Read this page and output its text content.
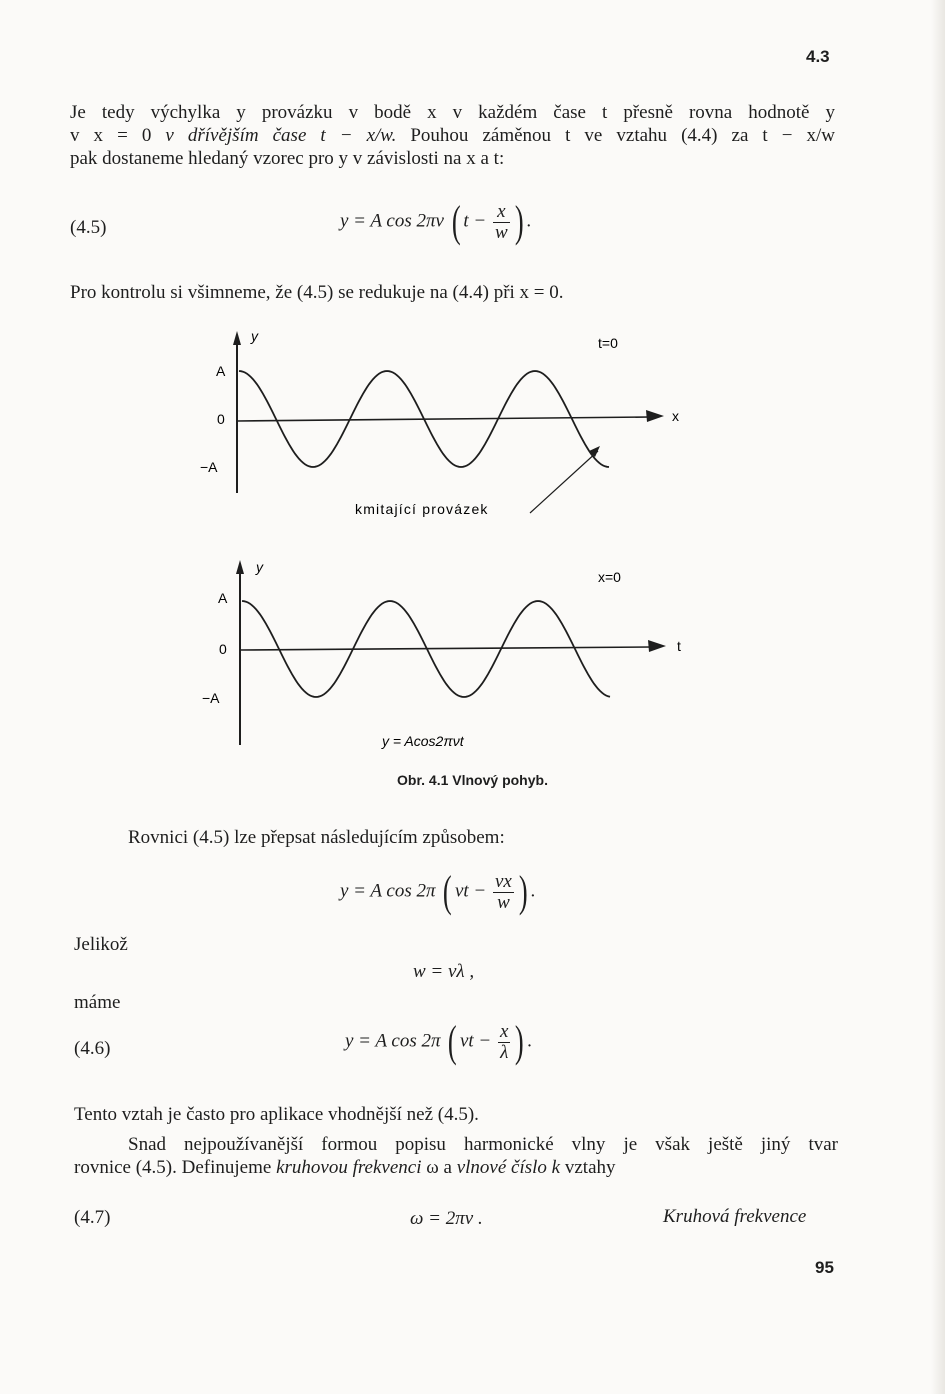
4.3
Je tedy výchylka y provázku v bodě x v každém čase t přesně rovna hodnotě y
v x = 0 v dřívějším čase t − x/w. Pouhou záměnou t ve vztahu (4.4) za t − x/w
pak dostaneme hledaný vzorec pro y v závislosti na x a t:
(4.5)	y = A cos 2πν ( $t - \frac{x}{w}$ ) .
Pro kontrolu si všimneme, že (4.5) se redukuje na (4.4) při x = 0.
y
x
t=0
A
0
−A
kmitající provázek
y
t
x=0
A
0
−A
y = Acos2πνt
Obr. 4.1 Vlnový pohyb.
Rovnici (4.5) lze přepsat následujícím způsobem:
y = A cos 2π ( $\nu t - \frac{\nu x}{w}$ ) .
Jelikož
w = νλ ,
máme
(4.6)	y = A cos 2π ( $\nu t - \frac{x}{\lambda}$ ) .
Tento vztah je často pro aplikace vhodnější než (4.5).
Snad nejpoužívanější formou popisu harmonické vlny je však ještě jiný tvar
rovnice (4.5). Definujeme kruhovou frekvenci ω a vlnové číslo k vztahy
(4.7)	ω = 2πν .	Kruhová frekvence
95
